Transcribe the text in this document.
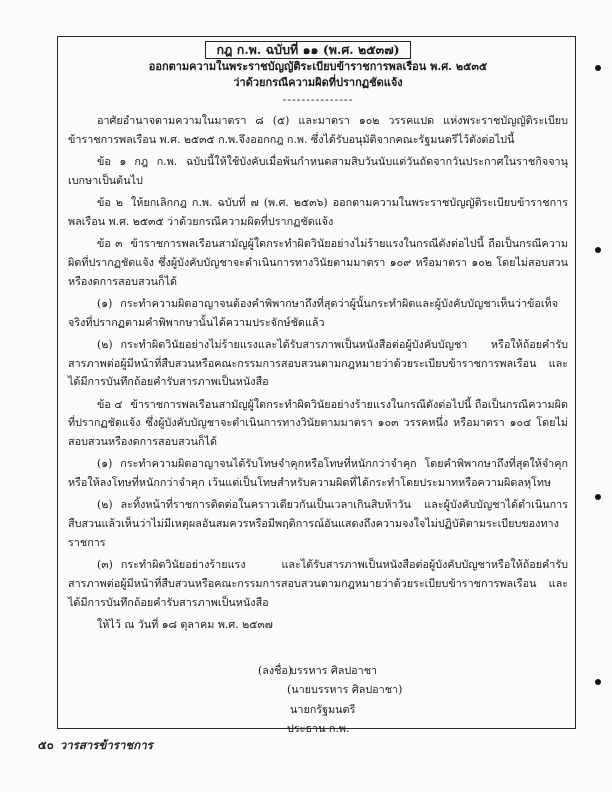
กฎ ก.พ. ฉบับที่ ๑๑ (พ.ศ. ๒๕๓๗)
ออกตามความในพระราชบัญญัติระเบียบข้าราชการพลเรือน พ.ศ. ๒๕๓๕
ว่าด้วยกรณีความผิดที่ปรากฏชัดแจ้ง
---------------

อาศัยอำนาจตามความในมาตรา ๘ (๕) และมาตรา ๑๐๒ วรรคแปด แห่งพระราชบัญญัติระเบียบข้าราชการพลเรือน พ.ศ. ๒๕๓๕ ก.พ.จึงออกกฎ ก.พ. ซึ่งได้รับอนุมัติจากคณะรัฐมนตรีไว้ดังต่อไปนี้

ข้อ ๑ กฎ ก.พ. ฉบับนี้ให้ใช้บังคับเมื่อพ้นกำหนดสามสิบวันนับแต่วันถัดจากวันประกาศในราชกิจจานุเบกษาเป็นต้นไป

ข้อ ๒ ให้ยกเลิกกฎ ก.พ. ฉบับที่ ๗ (พ.ศ. ๒๕๓๖) ออกตามความในพระราชบัญญัติระเบียบข้าราชการพลเรือน พ.ศ. ๒๕๓๕ ว่าด้วยกรณีความผิดที่ปรากฏชัดแจ้ง

ข้อ ๓ ข้าราชการพลเรือนสามัญผู้ใดกระทำผิดวินัยอย่างไม่ร้ายแรงในกรณีดังต่อไปนี้ ถือเป็นกรณีความผิดที่ปรากฏชัดแจ้ง ซึ่งผู้บังคับบัญชาจะดำเนินการทางวินัยตามมาตรา ๑๐๙ หรือมาตรา ๑๐๒ โดยไม่สอบสวนหรืองดการสอบสวนก็ได้

(๑) กระทำความผิดอาญาจนต้องคำพิพากษาถึงที่สุดว่าผู้นั้นกระทำผิดและผู้บังคับบัญชาเห็นว่าข้อเท็จจริงที่ปรากฏตามคำพิพากษานั้นได้ความประจักษ์ชัดแล้ว

(๒) กระทำผิดวินัยอย่างไม่ร้ายแรงและได้รับสารภาพเป็นหนังสือต่อผู้บังคับบัญชา หรือให้ถ้อยคำรับสารภาพต่อผู้มีหน้าที่สืบสวนหรือคณะกรรมการสอบสวนตามกฎหมายว่าด้วยระเบียบข้าราชการพลเรือน และได้มีการบันทึกถ้อยคำรับสารภาพเป็นหนังสือ

ข้อ ๔ ข้าราชการพลเรือนสามัญผู้ใดกระทำผิดวินัยอย่างร้ายแรงในกรณีดังต่อไปนี้ ถือเป็นกรณีความผิดที่ปรากฏชัดแจ้ง ซึ่งผู้บังคับบัญชาจะดำเนินการทางวินัยตามมาตรา ๑๐๓ วรรคหนึ่ง หรือมาตรา ๑๐๔ โดยไม่สอบสวนหรืองดการสอบสวนก็ได้

(๑) กระทำความผิดอาญาจนได้รับโทษจำคุกหรือโทษที่หนักกว่าจำคุก โดยคำพิพากษาถึงที่สุดให้จำคุกหรือให้ลงโทษที่หนักกว่าจำคุก เว้นแต่เป็นโทษสำหรับความผิดที่ได้กระทำโดยประมาทหรือความผิดลหุโทษ

(๒) ละทิ้งหน้าที่ราชการติดต่อในคราวเดียวกันเป็นเวลาเกินสิบห้าวัน และผู้บังคับบัญชาได้ดำเนินการสืบสวนแล้วเห็นว่าไม่มีเหตุผลอันสมควรหรือมีพฤติการณ์อันแสดงถึงความจงใจไม่ปฏิบัติตามระเบียบของทางราชการ

(๓) กระทำผิดวินัยอย่างร้ายแรง และได้รับสารภาพเป็นหนังสือต่อผู้บังคับบัญชาหรือให้ถ้อยคำรับสารภาพต่อผู้มีหน้าที่สืบสวนหรือคณะกรรมการสอบสวนตามกฎหมายว่าด้วยระเบียบข้าราชการพลเรือน และได้มีการบันทึกถ้อยคำรับสารภาพเป็นหนังสือ

ให้ไว้ ณ วันที่ ๑๘ ตุลาคม พ.ศ. ๒๕๓๗

(ลงชื่อ)บรรหาร ศิลปอาชา
(นายบรรหาร ศิลปอาชา)
นายกรัฐมนตรี
ประธาน ก.พ.
๕๐ วารสารข้าราชการ
